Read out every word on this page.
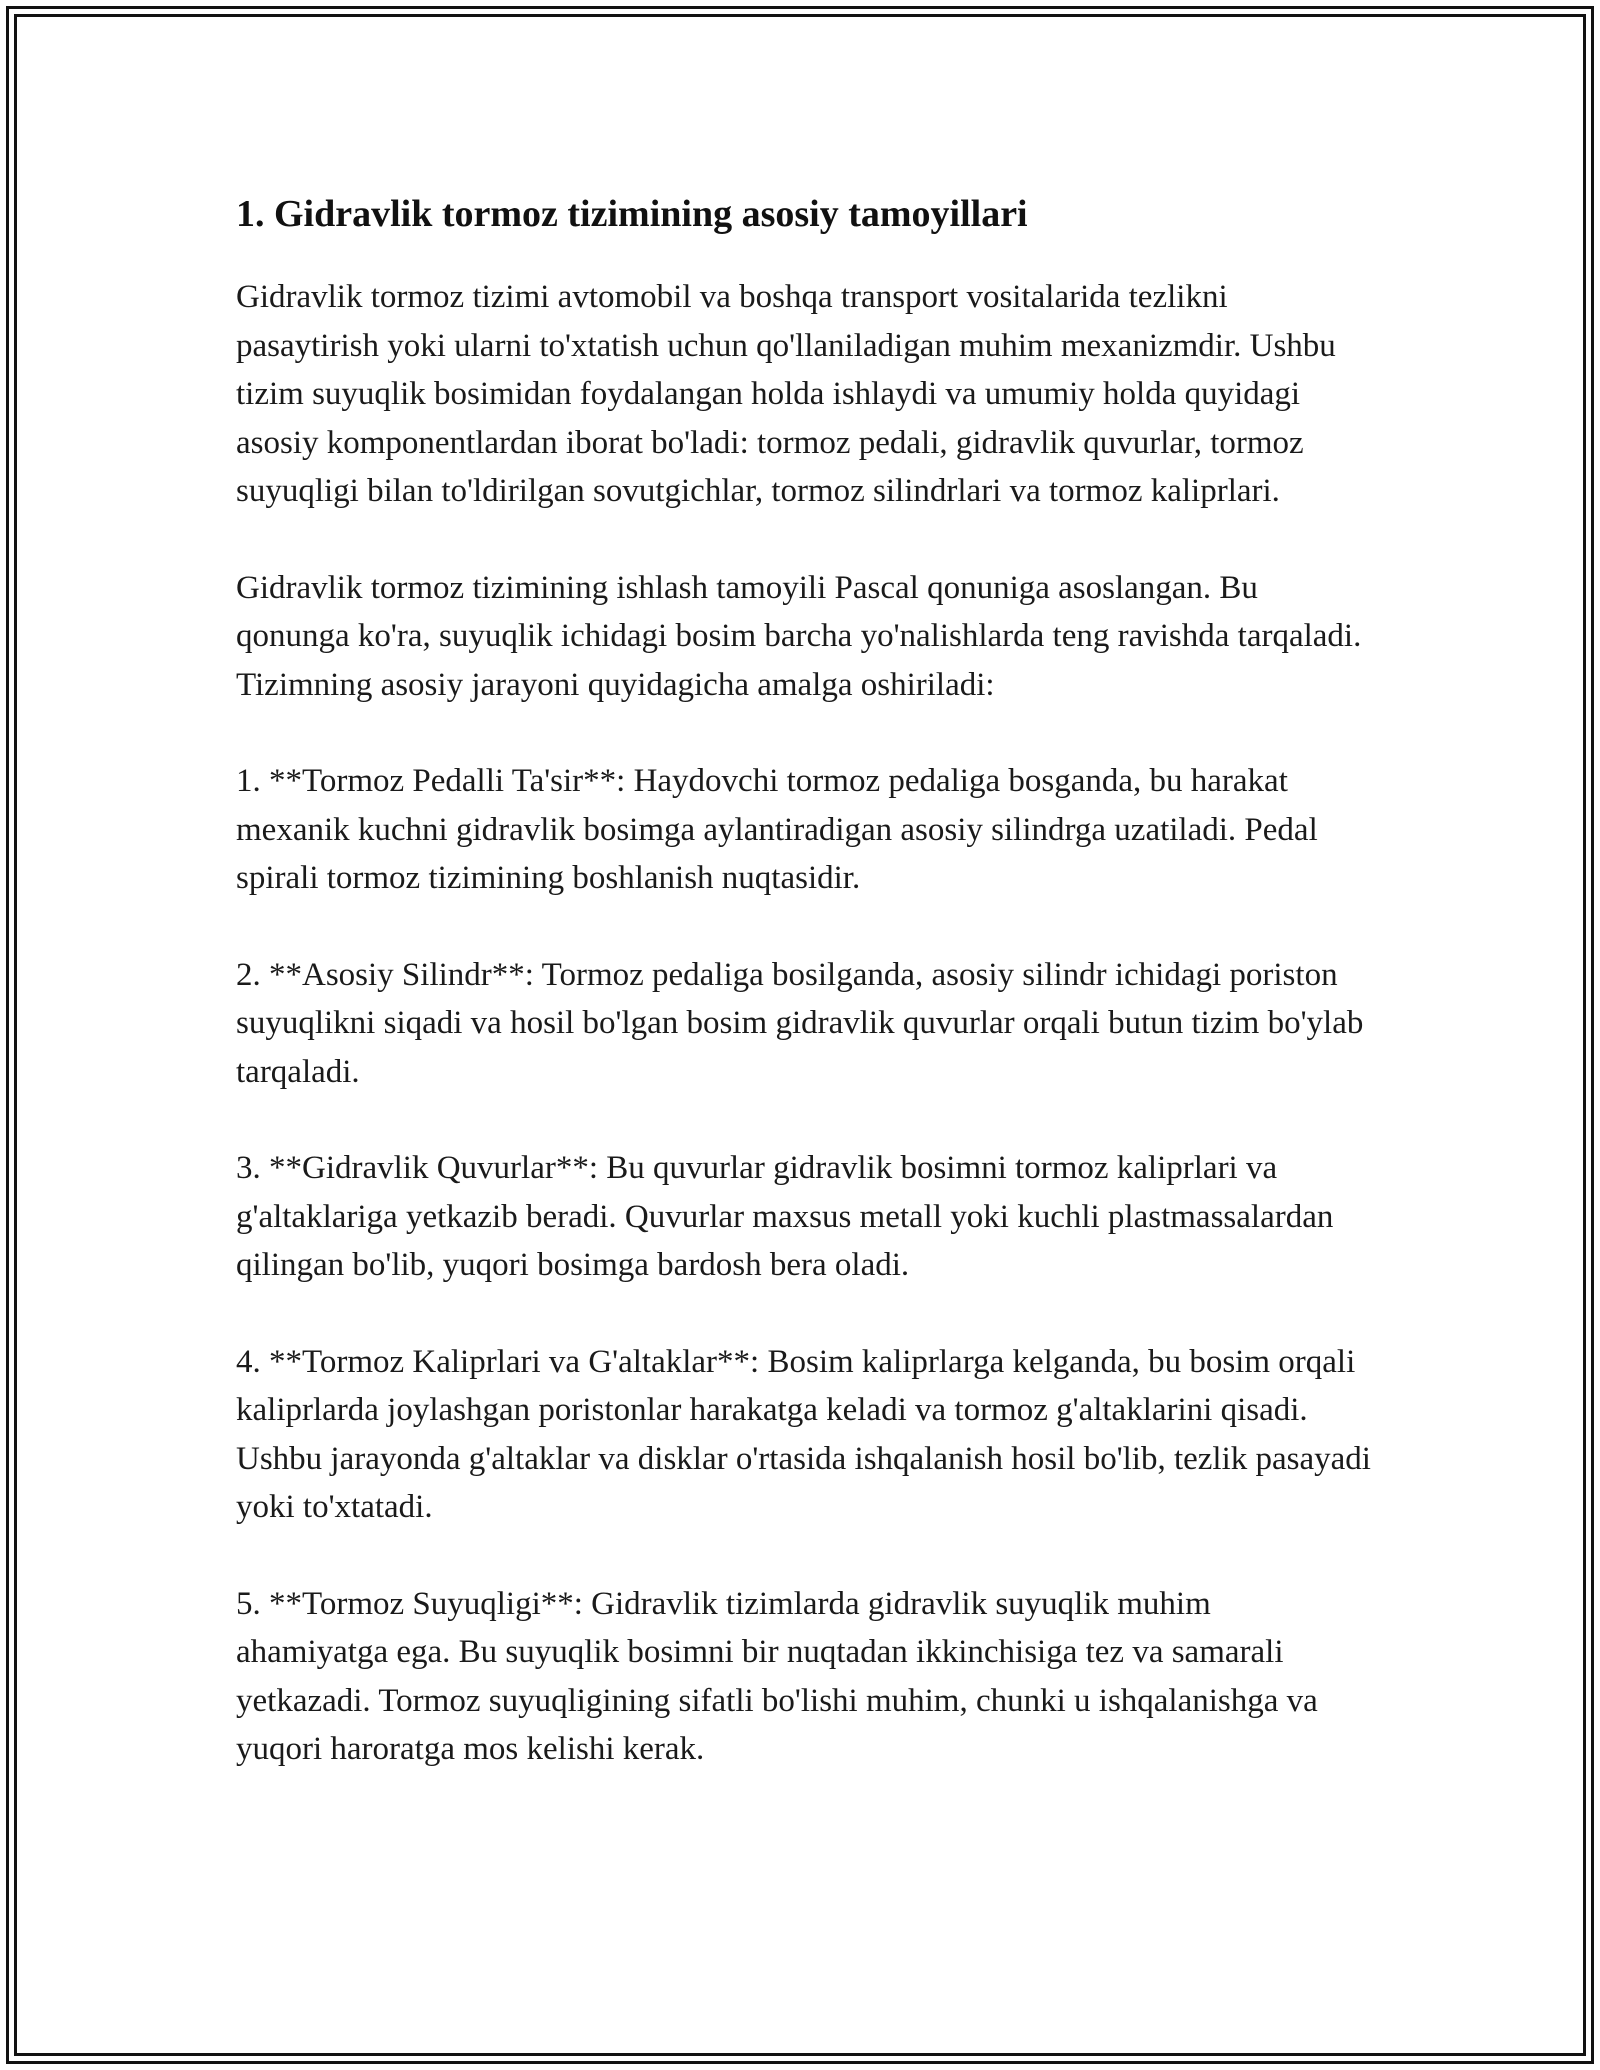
1. Gidravlik tormoz tizimining asosiy tamoyillari

Gidravlik tormoz tizimi avtomobil va boshqa transport vositalarida tezlikni pasaytirish yoki ularni to'xtatish uchun qo'llaniladigan muhim mexanizmdir. Ushbu tizim suyuqlik bosimidan foydalangan holda ishlaydi va umumiy holda quyidagi asosiy komponentlardan iborat bo'ladi: tormoz pedali, gidravlik quvurlar, tormoz suyuqligi bilan to'ldirilgan sovutgichlar, tormoz silindrlari va tormoz kaliprlari.

Gidravlik tormoz tizimining ishlash tamoyili Pascal qonuniga asoslangan. Bu qonunga ko'ra, suyuqlik ichidagi bosim barcha yo'nalishlarda teng ravishda tarqaladi. Tizimning asosiy jarayoni quyidagicha amalga oshiriladi:

1. **Tormoz Pedalli Ta'sir**: Haydovchi tormoz pedaliga bosganda, bu harakat mexanik kuchni gidravlik bosimga aylantiradigan asosiy silindrga uzatiladi. Pedal spirali tormoz tizimining boshlanish nuqtasidir.

2. **Asosiy Silindr**: Tormoz pedaliga bosilganda, asosiy silindr ichidagi poriston suyuqlikni siqadi va hosil bo'lgan bosim gidravlik quvurlar orqali butun tizim bo'ylab tarqaladi.

3. **Gidravlik Quvurlar**: Bu quvurlar gidravlik bosimni tormoz kaliprlari va g'altaklariga yetkazib beradi. Quvurlar maxsus metall yoki kuchli plastmassalardan qilingan bo'lib, yuqori bosimga bardosh bera oladi.

4. **Tormoz Kaliprlari va G'altaklar**: Bosim kaliprlarga kelganda, bu bosim orqali kaliprlarda joylashgan poristonlar harakatga keladi va tormoz g'altaklarini qisadi. Ushbu jarayonda g'altaklar va disklar o'rtasida ishqalanish hosil bo'lib, tezlik pasayadi yoki to'xtatadi.

5. **Tormoz Suyuqligi**: Gidravlik tizimlarda gidravlik suyuqlik muhim ahamiyatga ega. Bu suyuqlik bosimni bir nuqtadan ikkinchisiga tez va samarali yetkazadi. Tormoz suyuqligining sifatli bo'lishi muhim, chunki u ishqalanishga va yuqori haroratga mos kelishi kerak.
